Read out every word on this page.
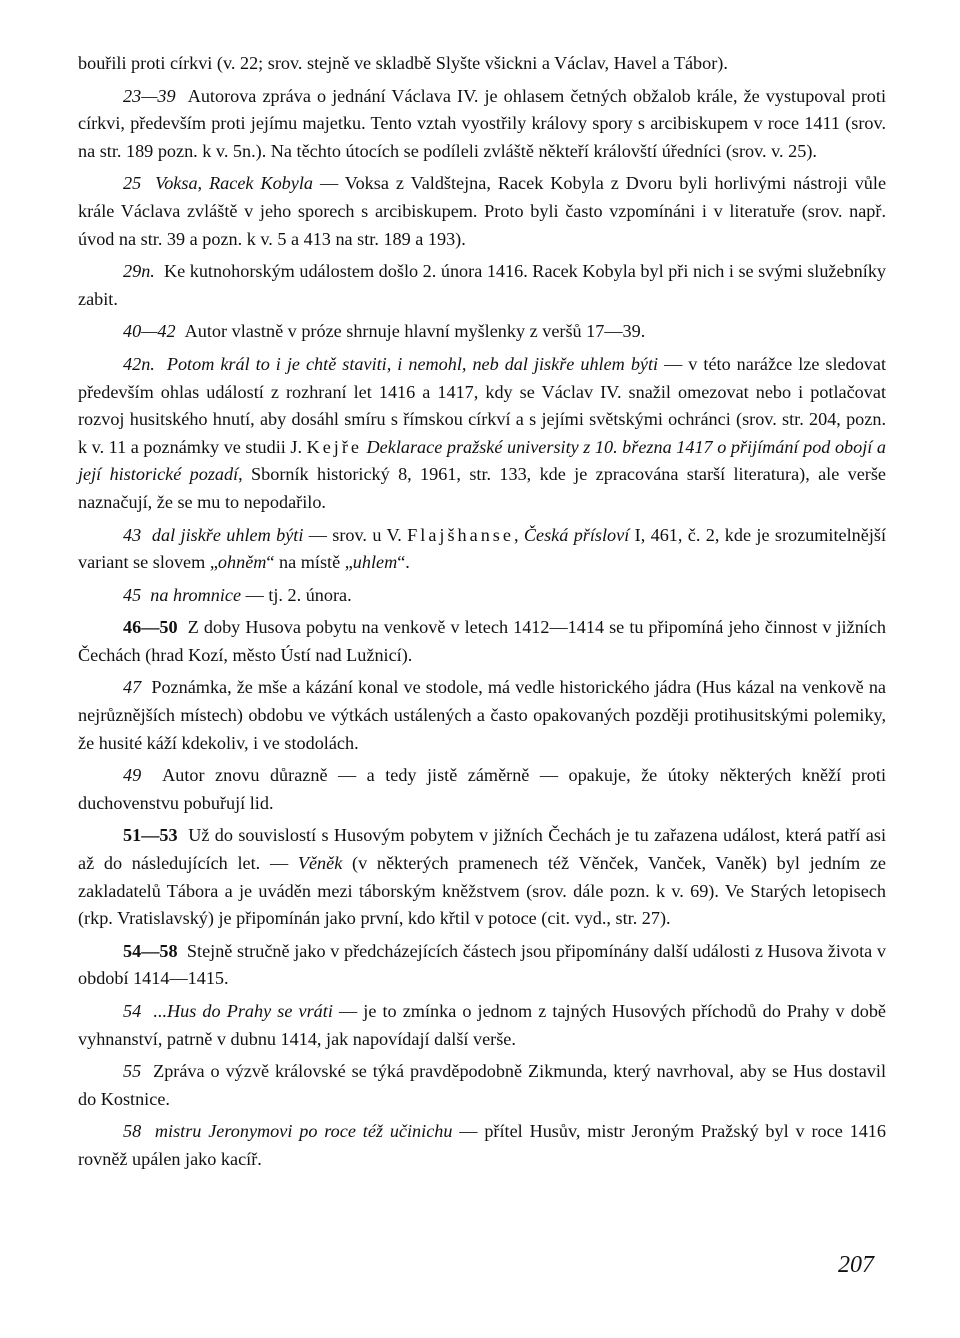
bouřili proti církvi (v. 22; srov. stejně ve skladbě Slyšte všickni a Václav, Havel a Tábor).

23—39 Autorova zpráva o jednání Václava IV. je ohlasem četných obžalob krále, že vystupoval proti církvi, především proti jejímu majetku. Tento vztah vyostřily královy spory s arcibiskupem v roce 1411 (srov. na str. 189 pozn. k v. 5n.). Na těchto útocích se podíleli zvláště někteří královští úředníci (srov. v. 25).

25 Voksa, Racek Kobyla — Voksa z Valdštejna, Racek Kobyla z Dvoru byli horlivými nástroji vůle krále Václava zvláště v jeho sporech s arcibiskupem. Proto byli často vzpomínáni i v literatuře (srov. např. úvod na str. 39 a pozn. k v. 5 a 413 na str. 189 a 193).

29n. Ke kutnohorským událostem došlo 2. února 1416. Racek Kobyla byl při nich i se svými služebníky zabit.

40—42 Autor vlastně v próze shrnuje hlavní myšlenky z veršů 17—39.

42n. Potom král to i je chtě staviti, i nemohl, neb dal jiskře uhlem býti — v této narážce lze sledovat především ohlas událostí z rozhraní let 1416 a 1417, kdy se Václav IV. snažil omezovat nebo i potlačovat rozvoj husitského hnutí, aby dosáhl smíru s římskou církví a s jejími světskými ochránci (srov. str. 204, pozn. k v. 11 a poznámky ve studii J. Kejře Deklarace pražské university z 10. března 1417 o přijímání pod obojí a její historické pozadí, Sborník historický 8, 1961, str. 133, kde je zpracována starší literatura), ale verše naznačují, že se mu to nepodařilo.

43 dal jiskře uhlem býti — srov. u V. Flajšhanse, Česká přísloví I, 461, č. 2, kde je srozumitelnější variant se slovem „ohněm“ na místě „uhlem“.

45 na hromnice — tj. 2. února.

46—50 Z doby Husova pobytu na venkově v letech 1412—1414 se tu připomíná jeho činnost v jižních Čechách (hrad Kozí, město Ústí nad Lužnicí).

47 Poznámka, že mše a kázání konal ve stodole, má vedle historického jádra (Hus kázal na venkově na nejrůznějších místech) obdobu ve výtkách ustálených a často opakovaných později protihusitskými polemiky, že husité káží kdekoliv, i ve stodolách.

49 Autor znovu důrazně — a tedy jistě záměrně — opakuje, že útoky některých kněží proti duchovenstvu pobuřují lid.

51—53 Už do souvislostí s Husovým pobytem v jižních Čechách je tu zařazena událost, která patří asi až do následujících let. — Věněk (v některých pramenech též Věnček, Vanček, Vaněk) byl jedním ze zakladatelů Tábora a je uváděn mezi táborským kněžstvem (srov. dále pozn. k v. 69). Ve Starých letopisech (rkp. Vratislavský) je připomínán jako první, kdo křtil v potoce (cit. vyd., str. 27).

54—58 Stejně stručně jako v předcházejících částech jsou připomínány další události z Husova života v období 1414—1415.

54 ...Hus do Prahy se vráti — je to zmínka o jednom z tajných Husových příchodů do Prahy v době vyhnanství, patrně v dubnu 1414, jak napovídají další verše.

55 Zpráva o výzvě královské se týká pravděpodobně Zikmunda, který navrhoval, aby se Hus dostavil do Kostnice.

58 mistru Jeronymovi po roce též učinichu — přítel Husův, mistr Jeroným Pražský byl v roce 1416 rovněž upálen jako kacíř.

207
